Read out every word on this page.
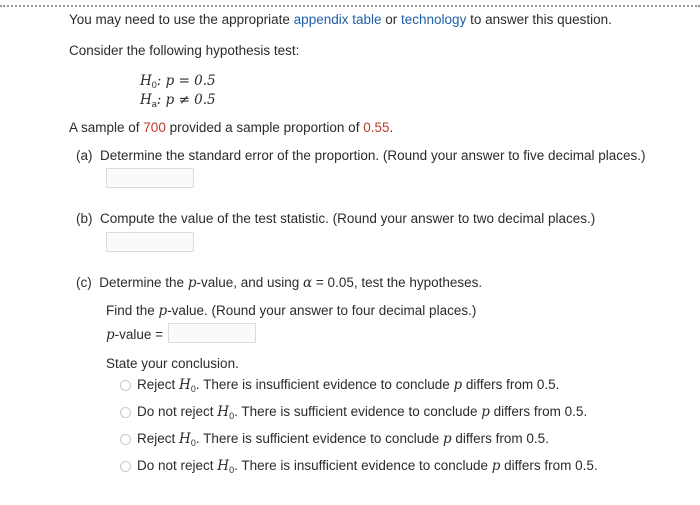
You may need to use the appropriate appendix table or technology to answer this question.
Consider the following hypothesis test:
$H_0$: p = 0.5
$H_a$: p ≠ 0.5
A sample of 700 provided a sample proportion of 0.55.
(a) Determine the standard error of the proportion. (Round your answer to five decimal places.)
(b) Compute the value of the test statistic. (Round your answer to two decimal places.)
(c) Determine the p-value, and using α = 0.05, test the hypotheses.
Find the p-value. (Round your answer to four decimal places.)
p-value =
State your conclusion.
Reject $H_0$. There is insufficient evidence to conclude p differs from 0.5.
Do not reject $H_0$. There is sufficient evidence to conclude p differs from 0.5.
Reject $H_0$. There is sufficient evidence to conclude p differs from 0.5.
Do not reject $H_0$. There is insufficient evidence to conclude p differs from 0.5.
